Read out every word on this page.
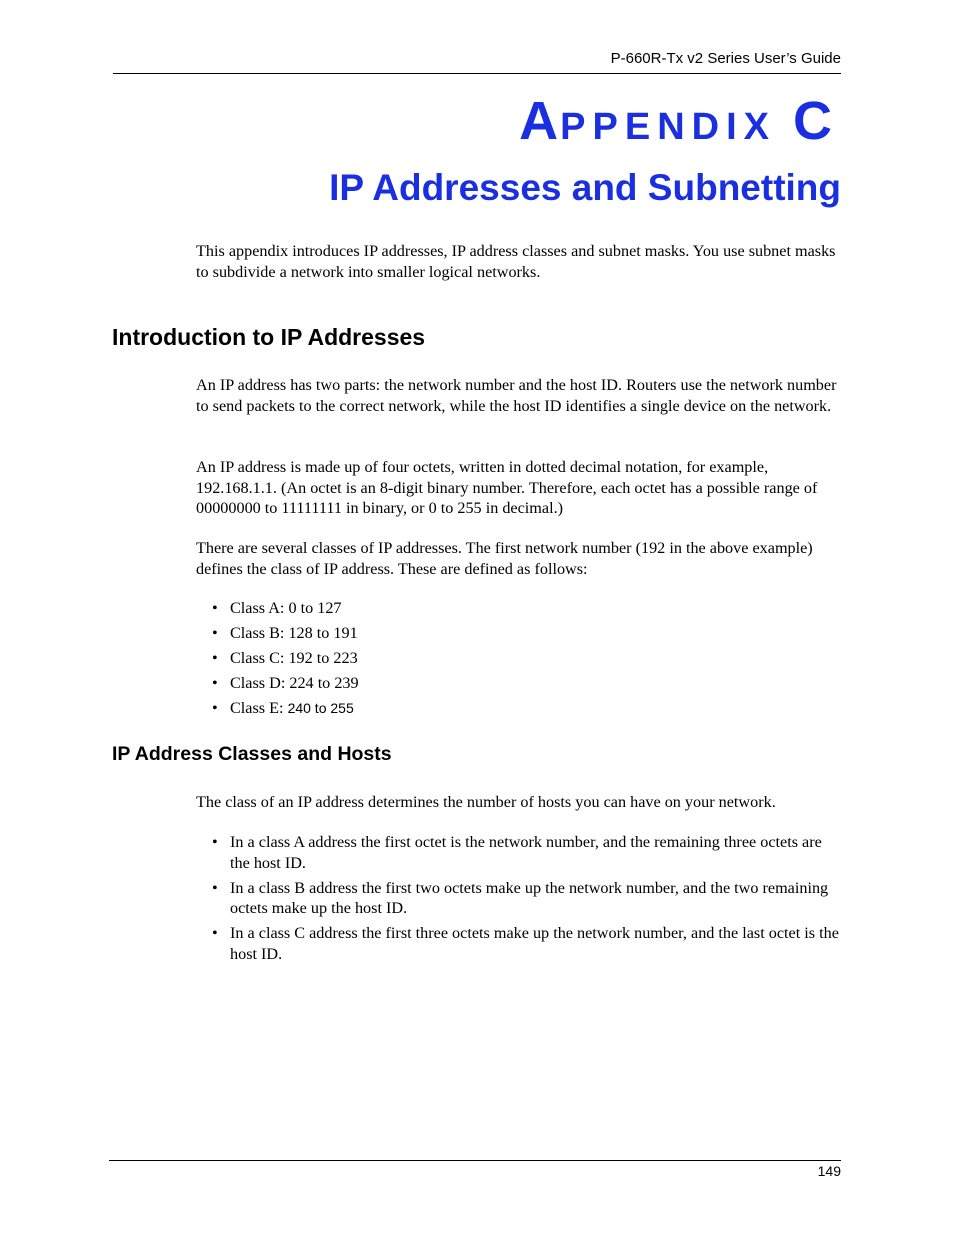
P-660R-Tx v2 Series User’s Guide
APPENDIX C
IP Addresses and Subnetting

This appendix introduces IP addresses, IP address classes and subnet masks. You use subnet masks to subdivide a network into smaller logical networks.

Introduction to IP Addresses

An IP address has two parts: the network number and the host ID. Routers use the network number to send packets to the correct network, while the host ID identifies a single device on the network.

An IP address is made up of four octets, written in dotted decimal notation, for example, 192.168.1.1. (An octet is an 8-digit binary number. Therefore, each octet has a possible range of 00000000 to 11111111 in binary, or 0 to 255 in decimal.)

There are several classes of IP addresses. The first network number (192 in the above example) defines the class of IP address. These are defined as follows:

• Class A: 0 to 127
• Class B: 128 to 191
• Class C: 192 to 223
• Class D: 224 to 239
• Class E: 240 to 255
IP Address Classes and Hosts

The class of an IP address determines the number of hosts you can have on your network.

• In a class A address the first octet is the network number, and the remaining three octets are the host ID.
• In a class B address the first two octets make up the network number, and the two remaining octets make up the host ID.
• In a class C address the first three octets make up the network number, and the last octet is the host ID.
149
